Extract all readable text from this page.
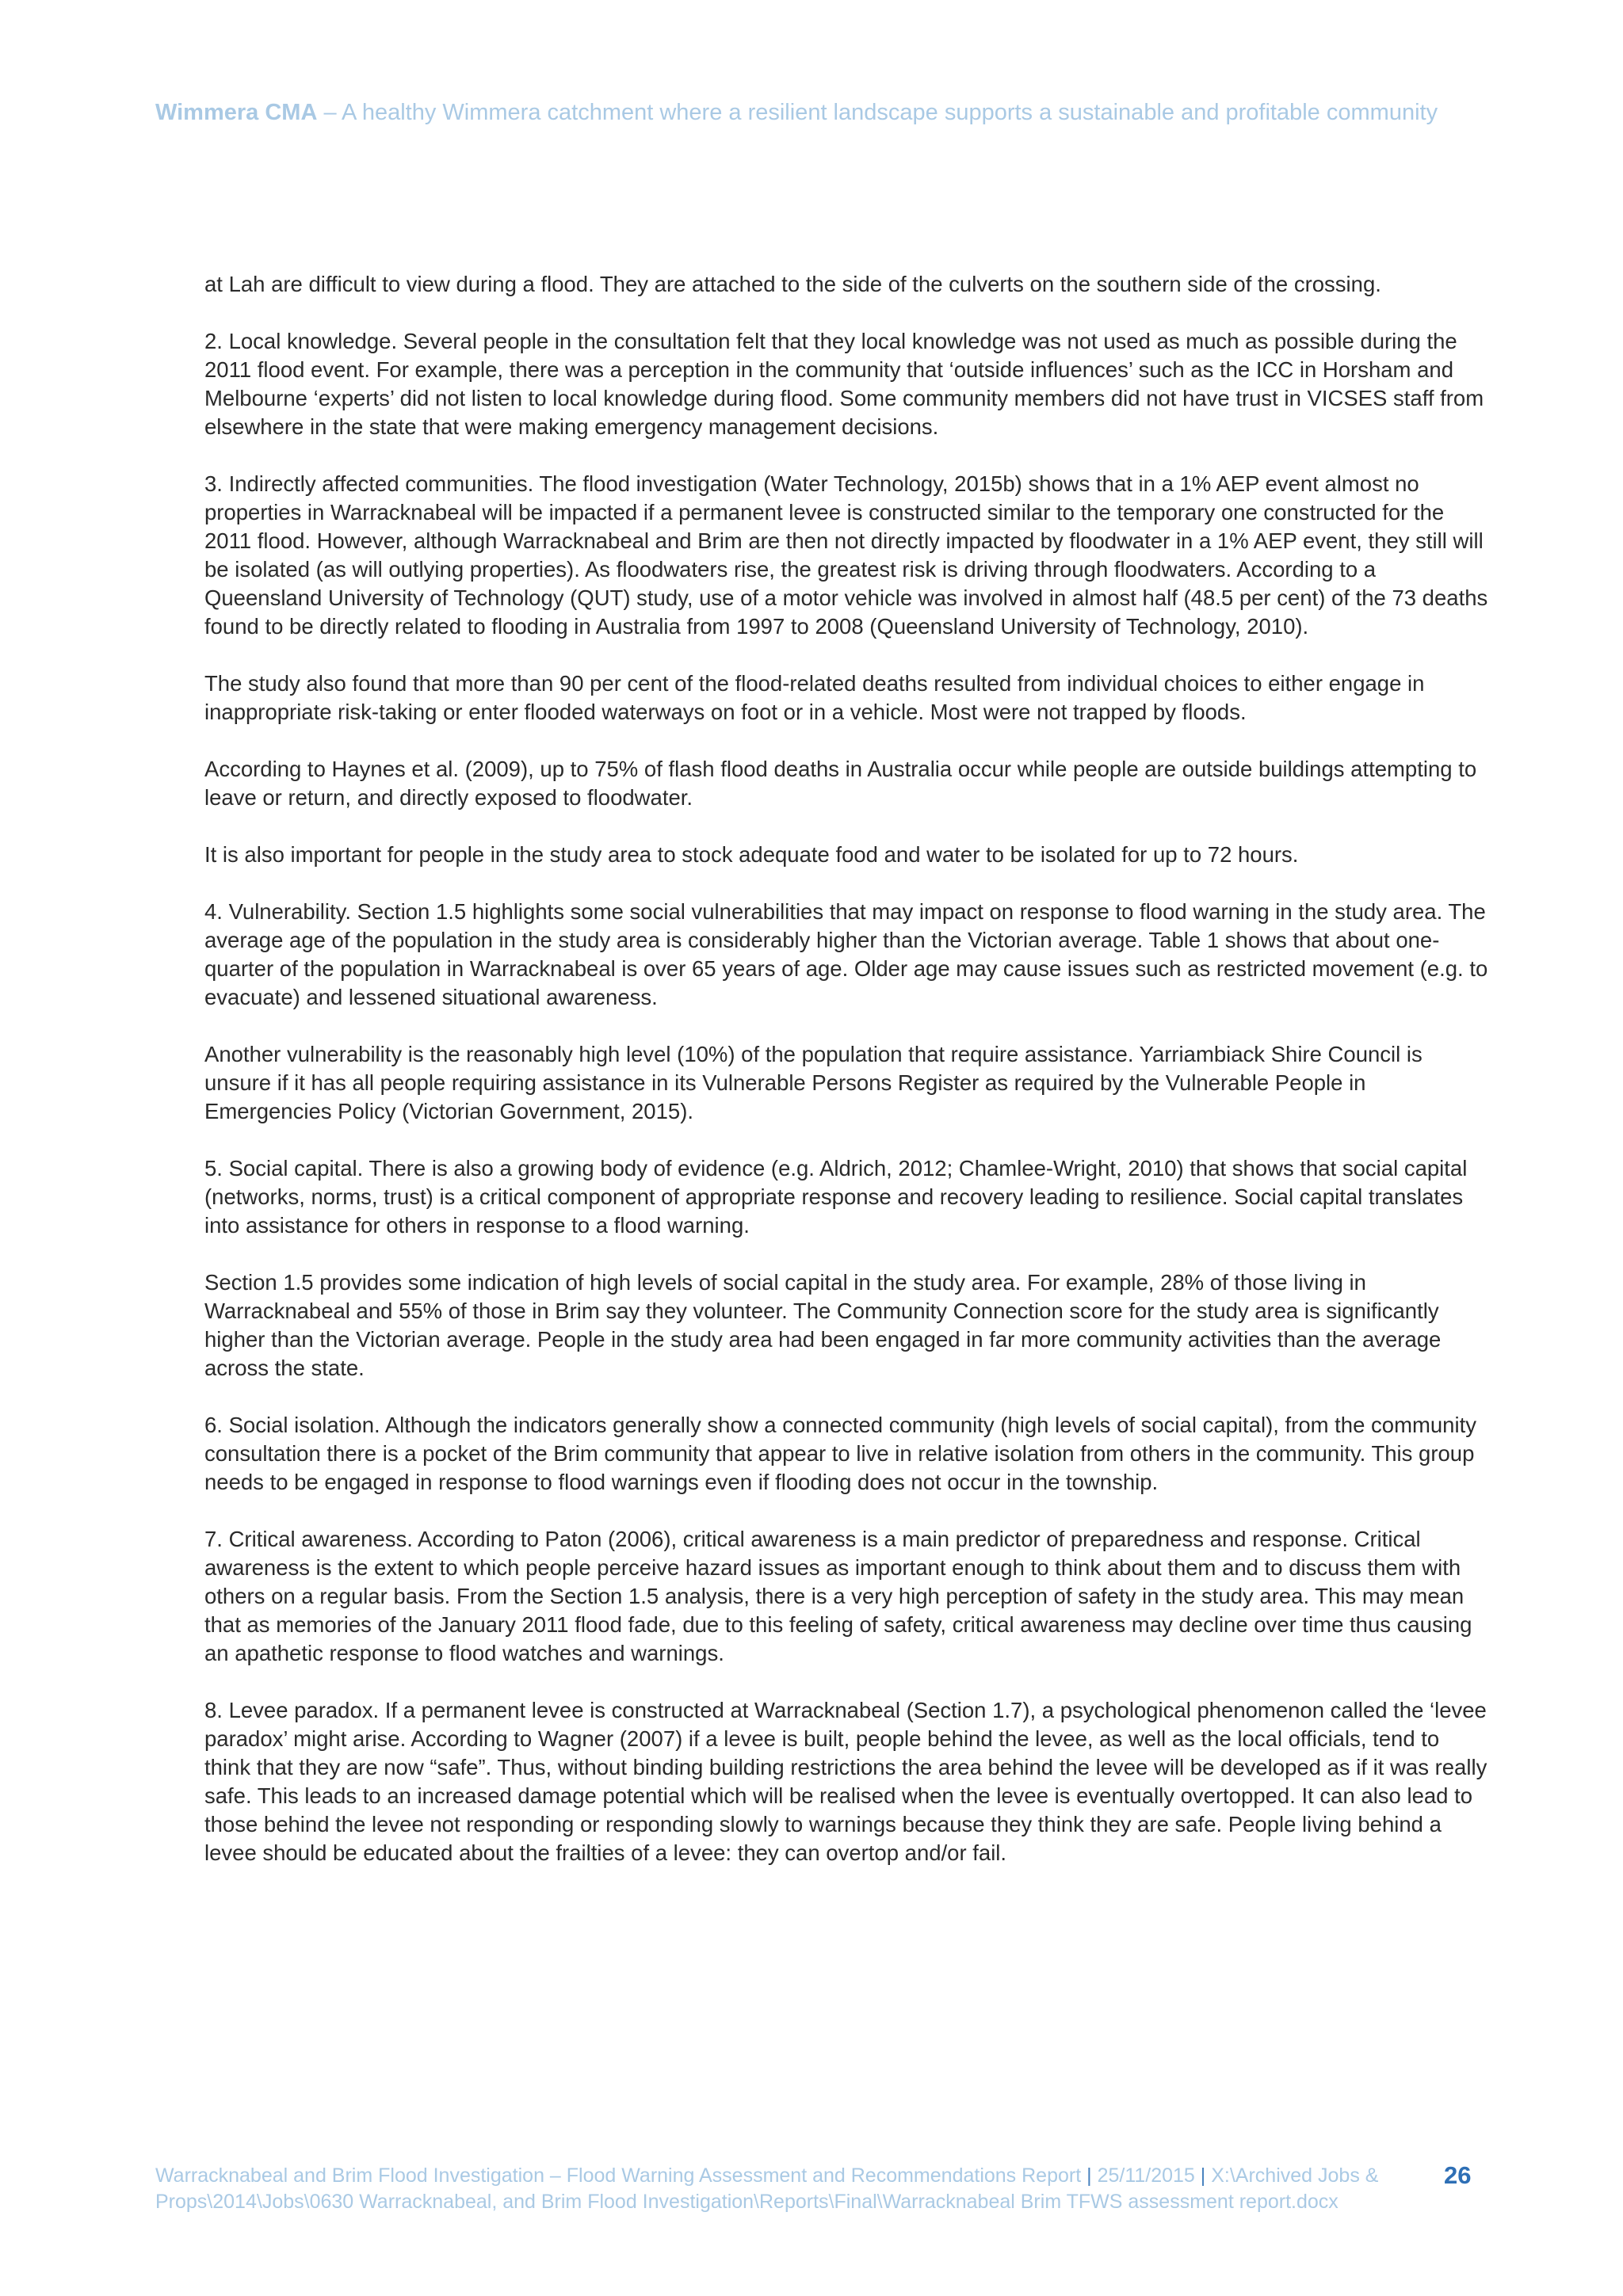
Wimmera CMA – A healthy Wimmera catchment where a resilient landscape supports a sustainable and profitable community

at Lah are difficult to view during a flood. They are attached to the side of the culverts on the southern side of the crossing.

2. Local knowledge. Several people in the consultation felt that they local knowledge was not used as much as possible during the 2011 flood event. For example, there was a perception in the community that ‘outside influences’ such as the ICC in Horsham and Melbourne ‘experts’ did not listen to local knowledge during flood. Some community members did not have trust in VICSES staff from elsewhere in the state that were making emergency management decisions.

3. Indirectly affected communities. The flood investigation (Water Technology, 2015b) shows that in a 1% AEP event almost no properties in Warracknabeal will be impacted if a permanent levee is constructed similar to the temporary one constructed for the 2011 flood. However, although Warracknabeal and Brim are then not directly impacted by floodwater in a 1% AEP event, they still will be isolated (as will outlying properties). As floodwaters rise, the greatest risk is driving through floodwaters. According to a Queensland University of Technology (QUT) study, use of a motor vehicle was involved in almost half (48.5 per cent) of the 73 deaths found to be directly related to flooding in Australia from 1997 to 2008 (Queensland University of Technology, 2010).

The study also found that more than 90 per cent of the flood-related deaths resulted from individual choices to either engage in inappropriate risk-taking or enter flooded waterways on foot or in a vehicle. Most were not trapped by floods.

According to Haynes et al. (2009), up to 75% of flash flood deaths in Australia occur while people are outside buildings attempting to leave or return, and directly exposed to floodwater.

It is also important for people in the study area to stock adequate food and water to be isolated for up to 72 hours.

4. Vulnerability. Section 1.5 highlights some social vulnerabilities that may impact on response to flood warning in the study area. The average age of the population in the study area is considerably higher than the Victorian average. Table 1 shows that about one-quarter of the population in Warracknabeal is over 65 years of age. Older age may cause issues such as restricted movement (e.g. to evacuate) and lessened situational awareness.

Another vulnerability is the reasonably high level (10%) of the population that require assistance. Yarriambiack Shire Council is unsure if it has all people requiring assistance in its Vulnerable Persons Register as required by the Vulnerable People in Emergencies Policy (Victorian Government, 2015).

5. Social capital. There is also a growing body of evidence (e.g. Aldrich, 2012; Chamlee-Wright, 2010) that shows that social capital (networks, norms, trust) is a critical component of appropriate response and recovery leading to resilience. Social capital translates into assistance for others in response to a flood warning.

Section 1.5 provides some indication of high levels of social capital in the study area. For example, 28% of those living in Warracknabeal and 55% of those in Brim say they volunteer. The Community Connection score for the study area is significantly higher than the Victorian average. People in the study area had been engaged in far more community activities than the average across the state.

6. Social isolation. Although the indicators generally show a connected community (high levels of social capital), from the community consultation there is a pocket of the Brim community that appear to live in relative isolation from others in the community. This group needs to be engaged in response to flood warnings even if flooding does not occur in the township.

7. Critical awareness. According to Paton (2006), critical awareness is a main predictor of preparedness and response. Critical awareness is the extent to which people perceive hazard issues as important enough to think about them and to discuss them with others on a regular basis. From the Section 1.5 analysis, there is a very high perception of safety in the study area. This may mean that as memories of the January 2011 flood fade, due to this feeling of safety, critical awareness may decline over time thus causing an apathetic response to flood watches and warnings.

8. Levee paradox. If a permanent levee is constructed at Warracknabeal (Section 1.7), a psychological phenomenon called the ‘levee paradox’ might arise. According to Wagner (2007) if a levee is built, people behind the levee, as well as the local officials, tend to think that they are now “safe”. Thus, without binding building restrictions the area behind the levee will be developed as if it was really safe. This leads to an increased damage potential which will be realised when the levee is eventually overtopped. It can also lead to those behind the levee not responding or responding slowly to warnings because they think they are safe. People living behind a levee should be educated about the frailties of a levee: they can overtop and/or fail.

Warracknabeal and Brim Flood Investigation – Flood Warning Assessment and Recommendations Report | 25/11/2015 | X:\Archived Jobs & Props\2014\Jobs\0630 Warracknabeal, and Brim Flood Investigation\Reports\Final\Warracknabeal Brim TFWS assessment report.docx
26
